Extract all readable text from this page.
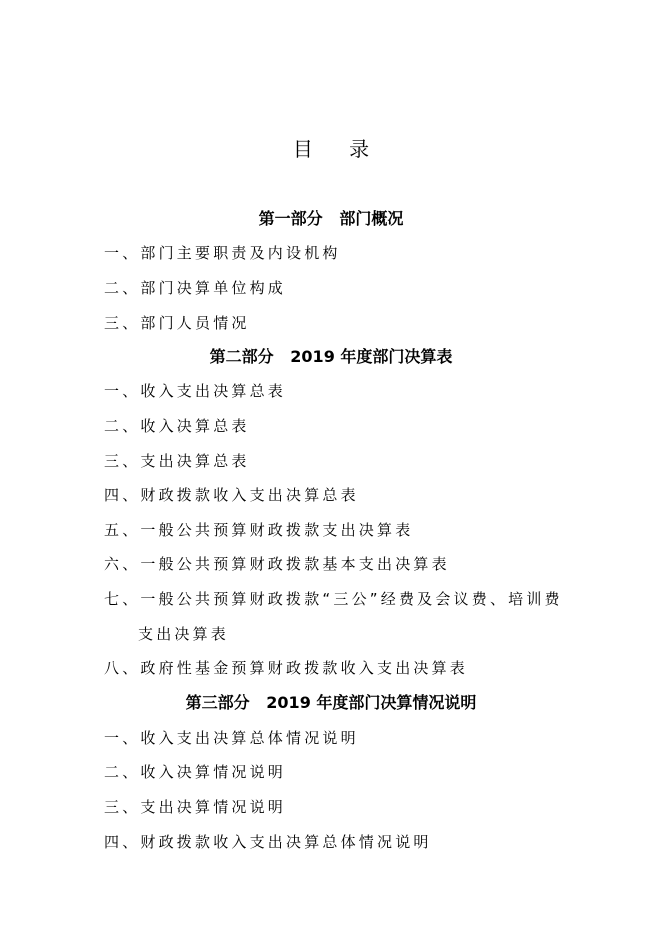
目 录
第一部分   部门概况
一、部门主要职责及内设机构
二、部门决算单位构成
三、部门人员情况
第二部分   2019 年度部门决算表
一、收入支出决算总表
二、收入决算总表
三、支出决算总表
四、财政拨款收入支出决算总表
五、一般公共预算财政拨款支出决算表
六、一般公共预算财政拨款基本支出决算表
七、一般公共预算财政拨款“三公”经费及会议费、培训费
支出决算表
八、政府性基金预算财政拨款收入支出决算表
第三部分   2019 年度部门决算情况说明
一、收入支出决算总体情况说明
二、收入决算情况说明
三、支出决算情况说明
四、财政拨款收入支出决算总体情况说明
